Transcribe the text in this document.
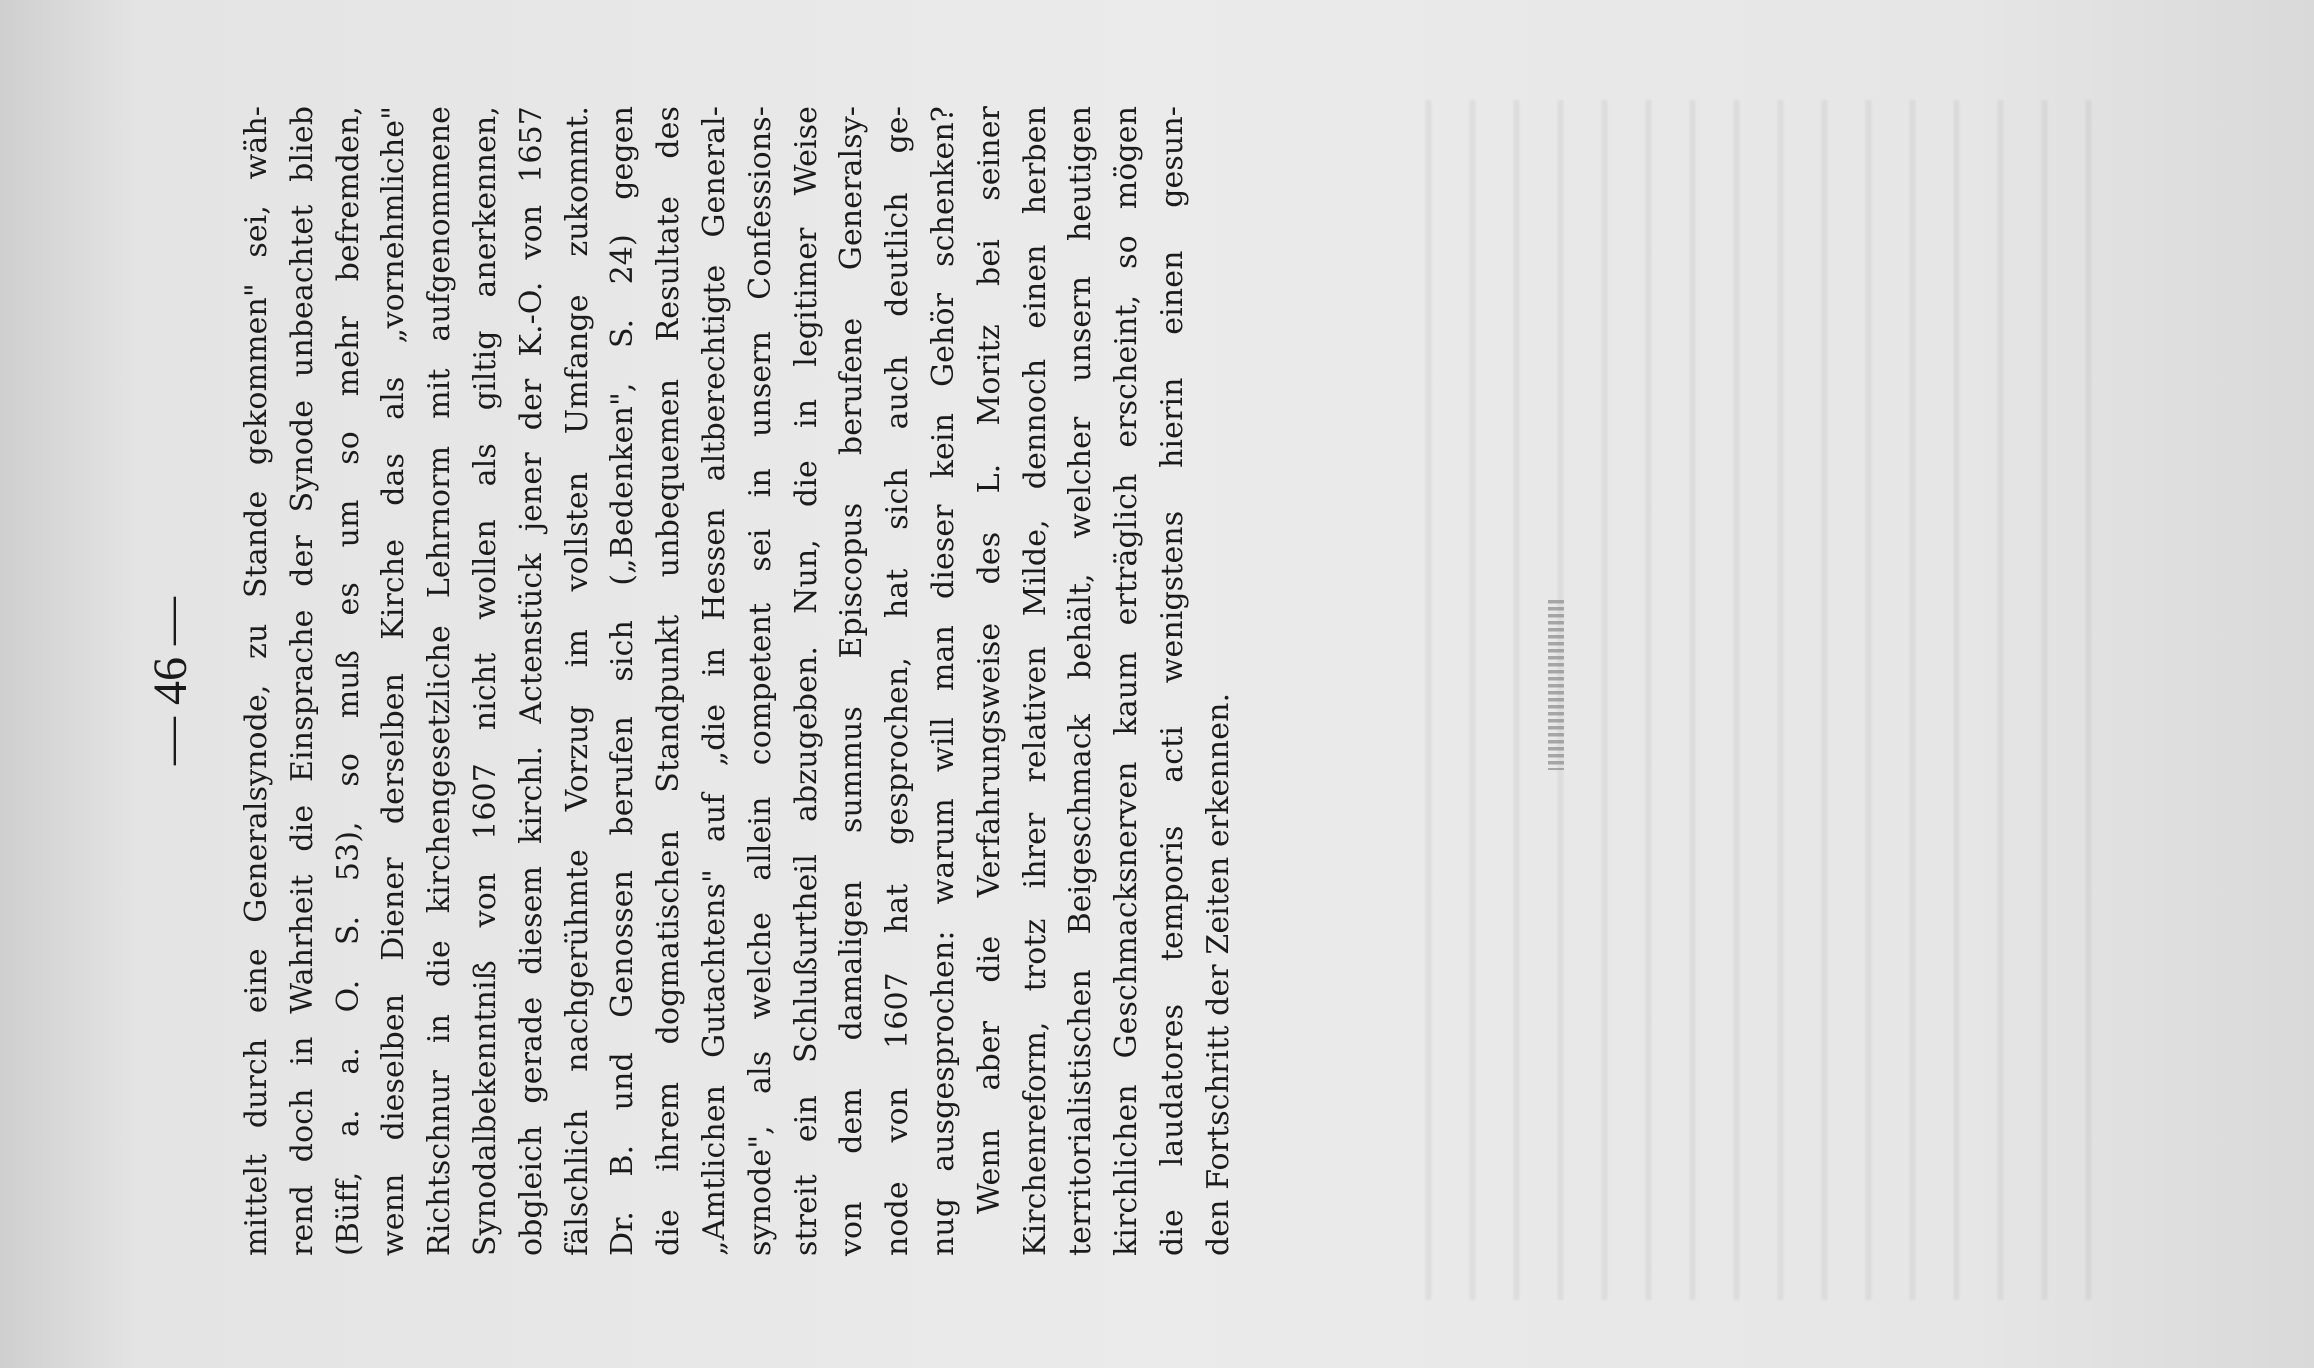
— 46 — mittelt durch eine Generalsynode, zu Stande gekommen" sei, wäh- rend doch in Wahrheit die Einsprache der Synode unbeachtet blieb (Büff, a. a. O. S. 53), so muß es um so mehr befremden, wenn dieselben Diener derselben Kirche das als „vornehmliche" Richtschnur in die kirchengesetzliche Lehrnorm mit aufgenommene Synodalbekenntniß von 1607 nicht wollen als giltig anerkennen, obgleich gerade diesem kirchl. Actenstück jener der K.-O. von 1657 fälschlich nachgerühmte Vorzug im vollsten Umfange zukommt. Dr. B. und Genossen berufen sich („Bedenken", S. 24) gegen die ihrem dogmatischen Standpunkt unbequemen Resultate des „Amtlichen Gutachtens" auf „die in Hessen altberechtigte General- synode", als welche allein competent sei in unsern Confessions- streit ein Schlußurtheil abzugeben. Nun, die in legitimer Weise von dem damaligen summus Episcopus berufene Generalsy- node von 1607 hat gesprochen, hat sich auch deutlich ge- nug ausgesprochen: warum will man dieser kein Gehör schenken? Wenn aber die Verfahrungsweise des L. Moritz bei seiner Kirchenreform, trotz ihrer relativen Milde, dennoch einen herben territorialistischen Beigeschmack behält, welcher unsern heutigen kirchlichen Geschmacksnerven kaum erträglich erscheint, so mögen die laudatores temporis acti wenigstens hierin einen gesun- den Fortschritt der Zeiten erkennen.
